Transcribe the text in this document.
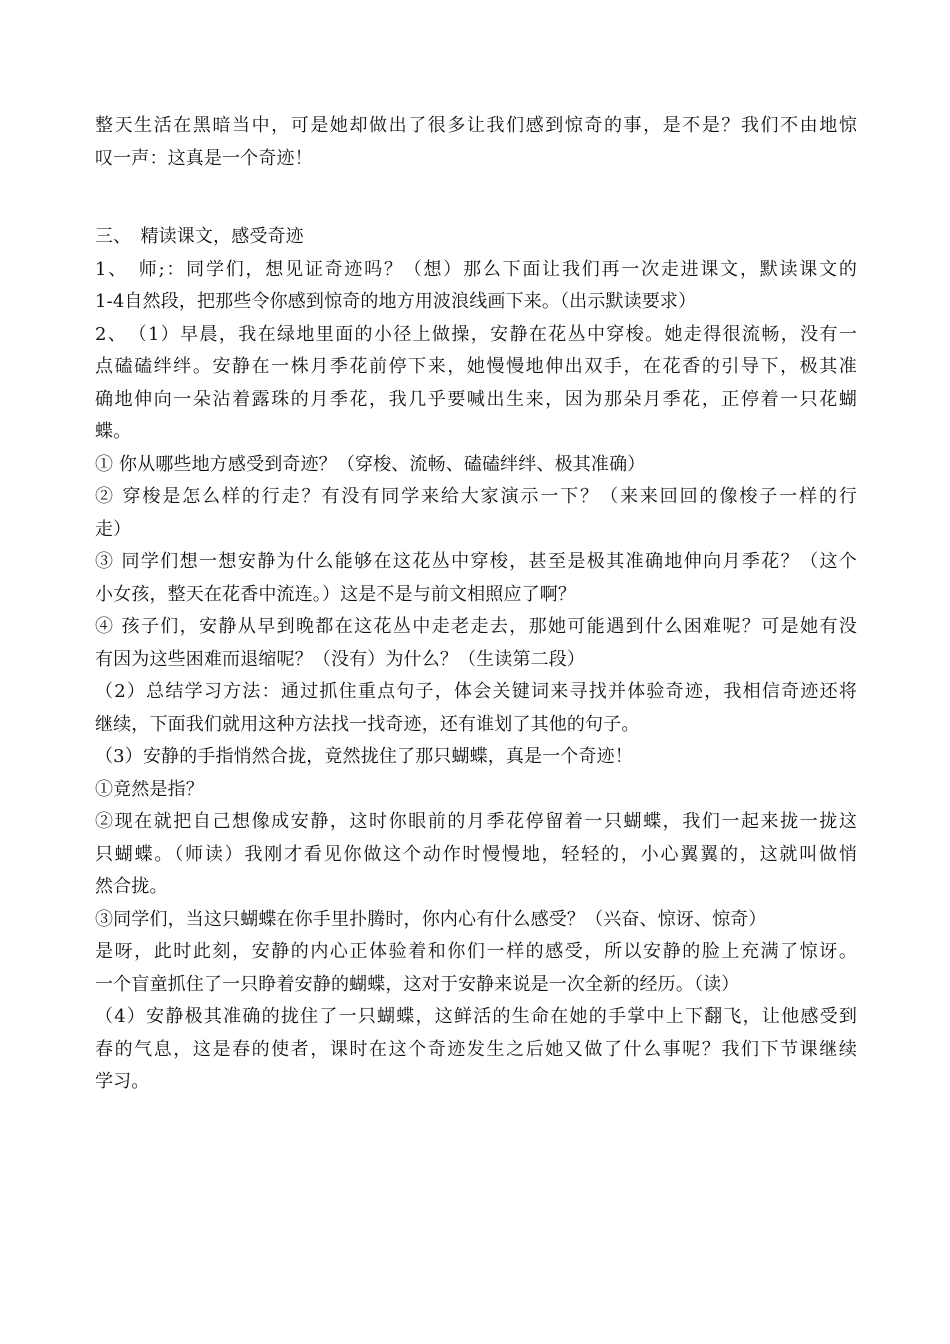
整天生活在黑暗当中，可是她却做出了很多让我们感到惊奇的事，是不是？我们不由地惊
叹一声：这真是一个奇迹！
三、　精读课文，感受奇迹
1、　师;：同学们，想见证奇迹吗？（想）那么下面让我们再一次走进课文，默读课文的
1-4自然段，把那些令你感到惊奇的地方用波浪线画下来。（出示默读要求）
2、　（1）早晨，我在绿地里面的小径上做操，安静在花丛中穿梭。她走得很流畅，没有一
点磕磕绊绊。安静在一株月季花前停下来，她慢慢地伸出双手，在花香的引导下，极其准
确地伸向一朵沾着露珠的月季花，我几乎要喊出生来，因为那朵月季花，正停着一只花蝴
蝶。
① 你从哪些地方感受到奇迹？（穿梭、流畅、磕磕绊绊、极其准确）
② 穿梭是怎么样的行走？有没有同学来给大家演示一下？（来来回回的像梭子一样的行
走）
③ 同学们想一想安静为什么能够在这花丛中穿梭，甚至是极其准确地伸向月季花？（这个
小女孩，整天在花香中流连。）这是不是与前文相照应了啊？
④ 孩子们，安静从早到晚都在这花丛中走老走去，那她可能遇到什么困难呢？可是她有没
有因为这些困难而退缩呢？（没有）为什么？（生读第二段）
（2）总结学习方法：通过抓住重点句子，体会关键词来寻找并体验奇迹，我相信奇迹还将
继续，下面我们就用这种方法找一找奇迹，还有谁划了其他的句子。
（3）安静的手指悄然合拢，竟然拢住了那只蝴蝶，真是一个奇迹！
①竟然是指？
②现在就把自己想像成安静，这时你眼前的月季花停留着一只蝴蝶，我们一起来拢一拢这
只蝴蝶。（师读）我刚才看见你做这个动作时慢慢地，轻轻的，小心翼翼的，这就叫做悄
然合拢。
③同学们，当这只蝴蝶在你手里扑腾时，你内心有什么感受？（兴奋、惊讶、惊奇）
是呀，此时此刻，安静的内心正体验着和你们一样的感受，所以安静的脸上充满了惊讶。
一个盲童抓住了一只睁着安静的蝴蝶，这对于安静来说是一次全新的经历。（读）
（4）安静极其准确的拢住了一只蝴蝶，这鲜活的生命在她的手掌中上下翻飞，让他感受到
春的气息，这是春的使者，课时在这个奇迹发生之后她又做了什么事呢？我们下节课继续
学习。
